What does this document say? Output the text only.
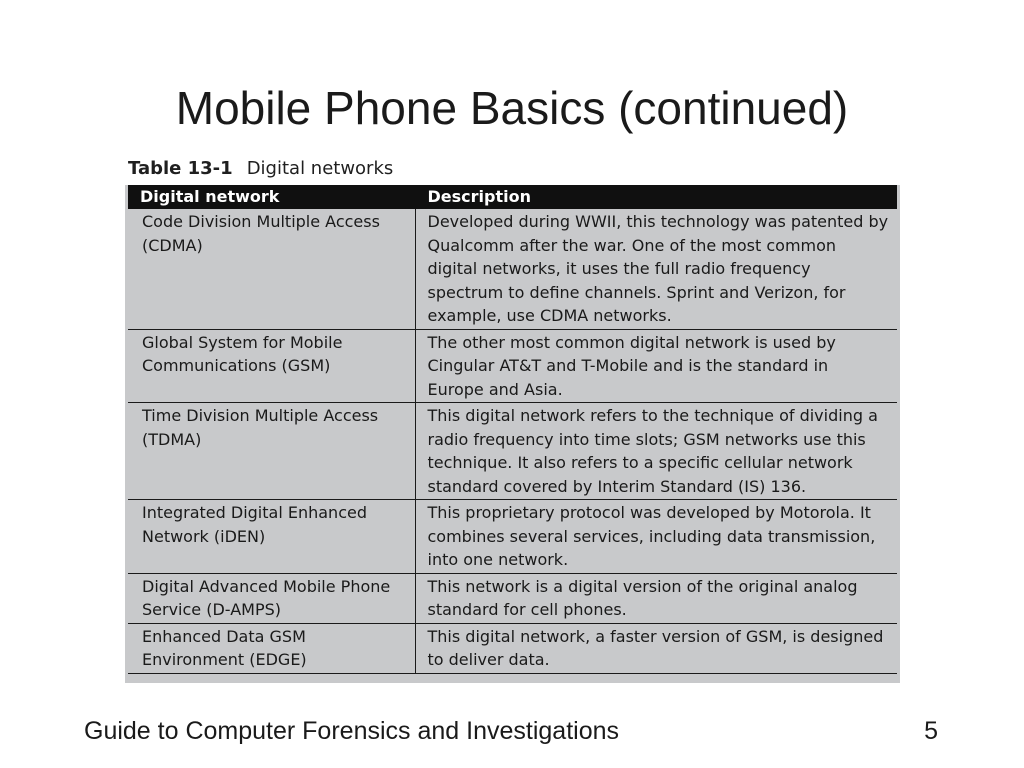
Mobile Phone Basics (continued)
Table 13-1 Digital networks
Digital network	Description
Code Division Multiple Access (CDMA)	Developed during WWII, this technology was patented by Qualcomm after the war. One of the most common digital networks, it uses the full radio frequency spectrum to define channels. Sprint and Verizon, for example, use CDMA networks.
Global System for Mobile Communications (GSM)	The other most common digital network is used by Cingular AT&T and T-Mobile and is the standard in Europe and Asia.
Time Division Multiple Access (TDMA)	This digital network refers to the technique of dividing a radio frequency into time slots; GSM networks use this technique. It also refers to a specific cellular network standard covered by Interim Standard (IS) 136.
Integrated Digital Enhanced Network (iDEN)	This proprietary protocol was developed by Motorola. It combines several services, including data transmission, into one network.
Digital Advanced Mobile Phone Service (D-AMPS)	This network is a digital version of the original analog standard for cell phones.
Enhanced Data GSM Environment (EDGE)	This digital network, a faster version of GSM, is designed to deliver data.
Guide to Computer Forensics and Investigations	5
